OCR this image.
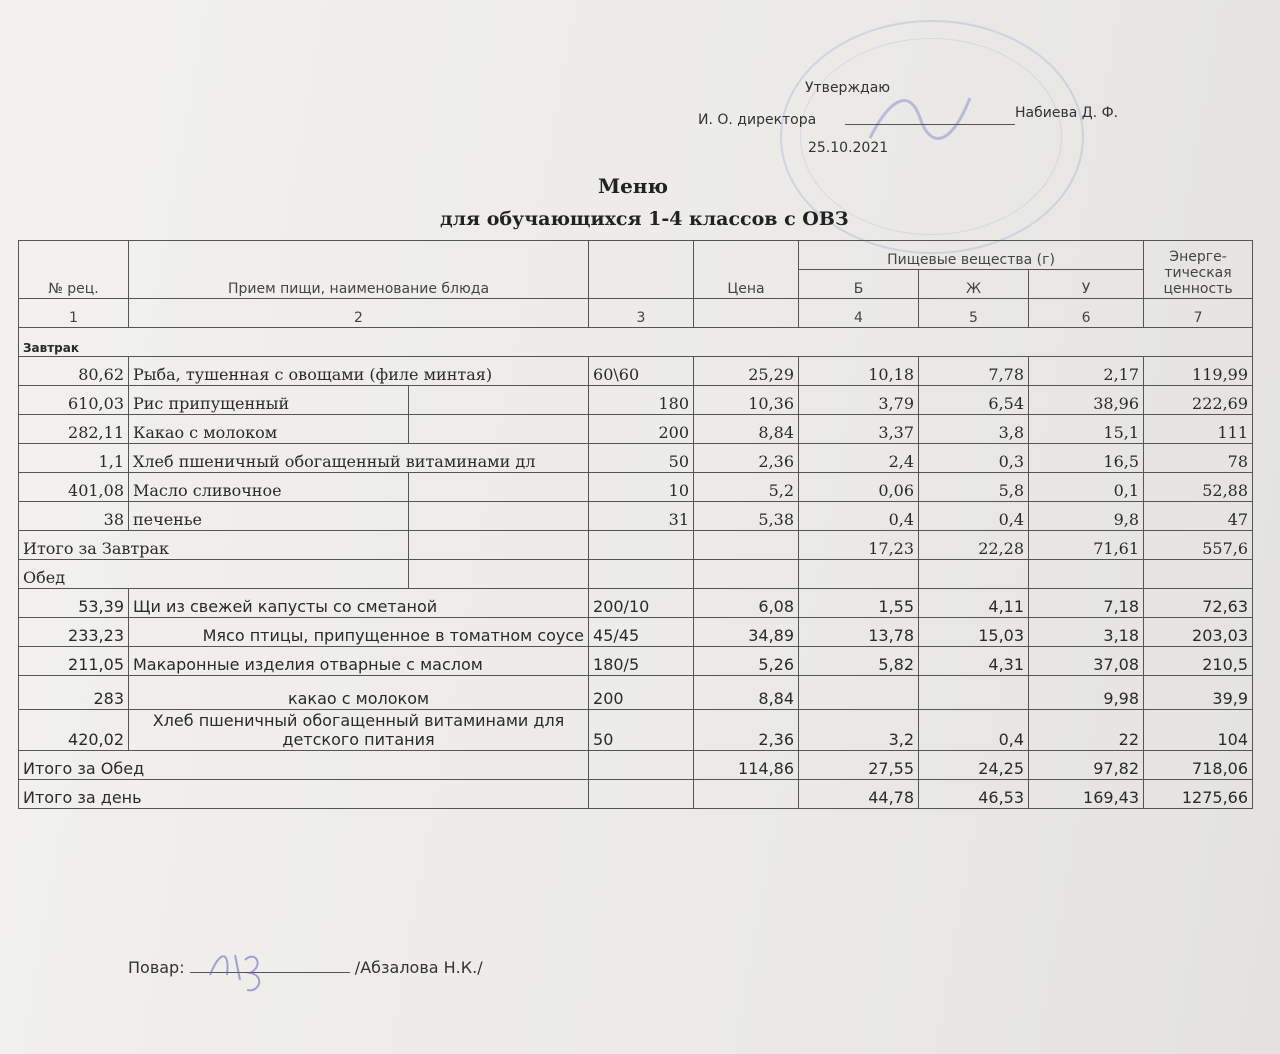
Утверждаю
И. О. директора	Набиева Д. Ф.
25.10.2021
Меню
для обучающихся 1-4 классов с ОВЗ
№ рец.	Прием пищи, наименование блюда			Цена	Пищевые вещества (г)			Энерге-тическая ценность
					Б	Ж	У	
1	2		3		4	5	6	7
Завтрак								
80,62	Рыба, тушенная с овощами (филе минтая)		60\60	25,29	10,18	7,78	2,17	119,99
610,03	Рис припущенный		180	10,36	3,79	6,54	38,96	222,69
282,11	Какао с молоком		200	8,84	3,37	3,8	15,1	111
1,1	Хлеб пшеничный обогащенный витаминами дл		50	2,36	2,4	0,3	16,5	78
401,08	Масло сливочное		10	5,2	0,06	5,8	0,1	52,88
38	печенье		31	5,38	0,4	0,4	9,8	47
Итого за Завтрак					17,23	22,28	71,61	557,6
Обед								
53,39	Щи из свежей капусты со сметаной		200/10	6,08	1,55	4,11	7,18	72,63
233,23	Мясо птицы, припущенное в томатном соусе		45/45	34,89	13,78	15,03	3,18	203,03
211,05	Макаронные изделия отварные с маслом		180/5	5,26	5,82	4,31	37,08	210,5
283	какао с молоком		200	8,84			9,98	39,9
420,02	Хлеб пшеничный обогащенный витаминами для детского питания		50	2,36	3,2	0,4	22	104
Итого за Обед				114,86	27,55	24,25	97,82	718,06
Итого за день					44,78	46,53	169,43	1275,66
Повар:	/Абзалова Н.К./
